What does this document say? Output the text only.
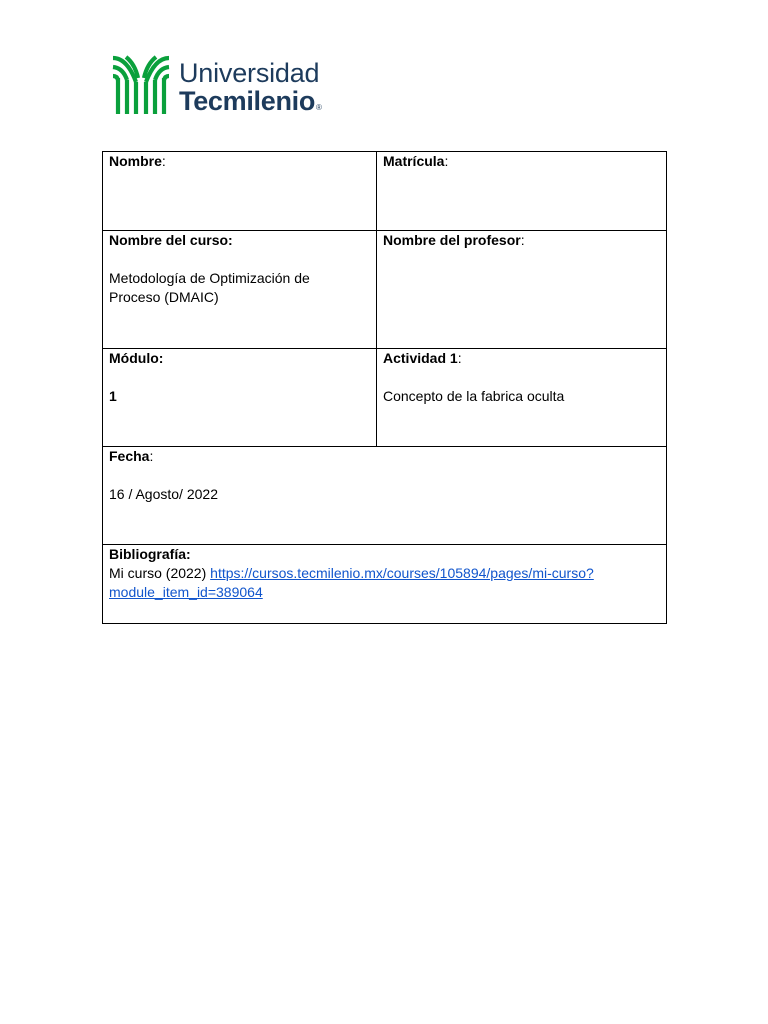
Universidad
Tecmilenio®
Nombre:	Matrícula:

Nombre del curso:
Metodología de Optimización de
Proceso (DMAIC)	Nombre del profesor:

Módulo:
1	Actividad 1:
Concepto de la fabrica oculta

Fecha:
16 / Agosto/ 2022	

Bibliografía:
Mi curso (2022) https://cursos.tecmilenio.mx/courses/105894/pages/mi-curso?
module_item_id=389064	
